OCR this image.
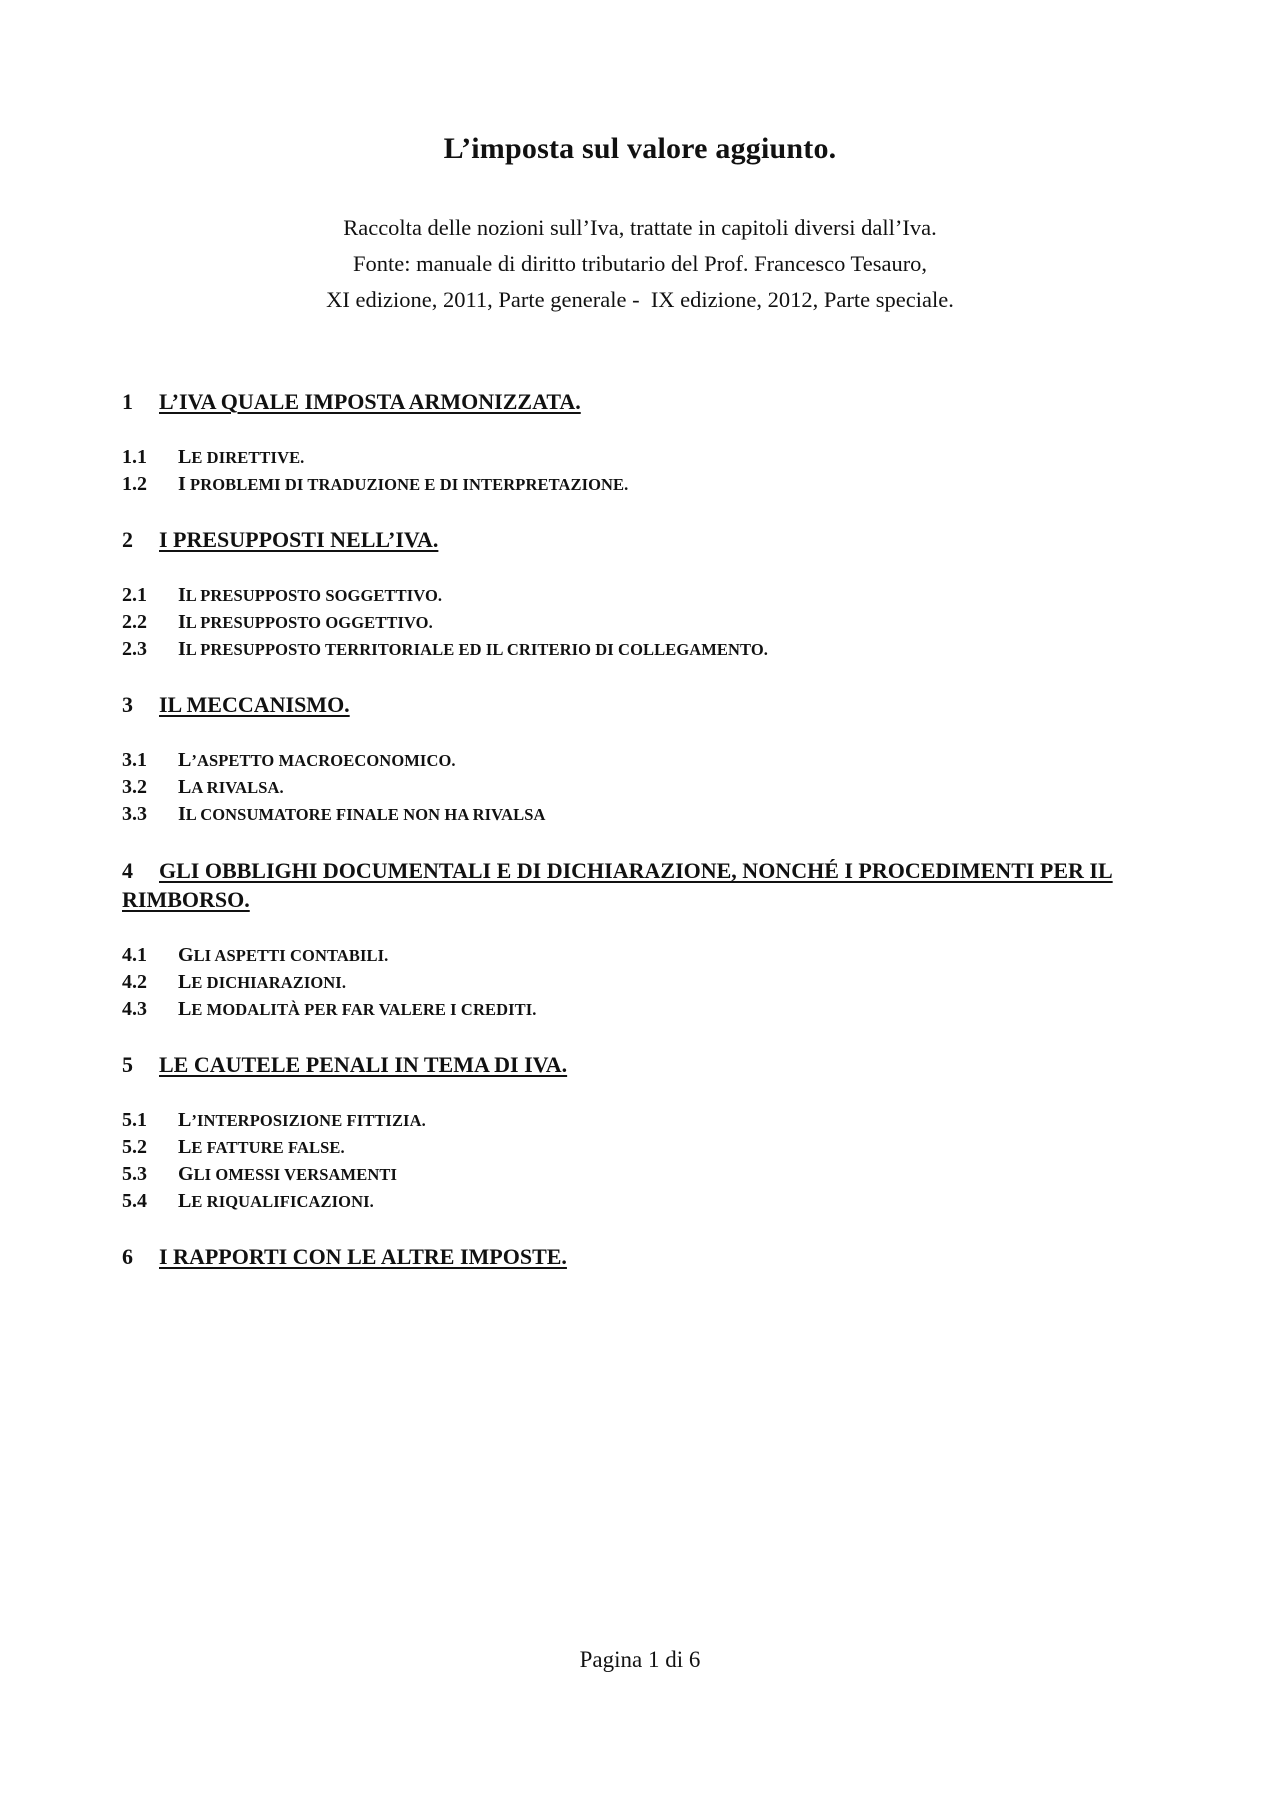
L’imposta sul valore aggiunto.
Raccolta delle nozioni sull’Iva, trattate in capitoli diversi dall’Iva.
Fonte: manuale di diritto tributario del Prof. Francesco Tesauro,
XI edizione, 2011, Parte generale -  IX edizione, 2012, Parte speciale.
1 L’IVA QUALE IMPOSTA ARMONIZZATA.
1.1 LE DIRETTIVE.
1.2 I PROBLEMI DI TRADUZIONE E DI INTERPRETAZIONE.
2 I PRESUPPOSTI NELL’IVA.
2.1 IL PRESUPPOSTO SOGGETTIVO.
2.2 IL PRESUPPOSTO OGGETTIVO.
2.3 IL PRESUPPOSTO TERRITORIALE ED IL CRITERIO DI COLLEGAMENTO.
3 IL MECCANISMO.
3.1 L’ASPETTO MACROECONOMICO.
3.2 LA RIVALSA.
3.3 IL CONSUMATORE FINALE NON HA RIVALSA
4 GLI OBBLIGHI DOCUMENTALI E DI DICHIARAZIONE, NONCHÉ I PROCEDIMENTI PER IL RIMBORSO.
4.1 GLI ASPETTI CONTABILI.
4.2 LE DICHIARAZIONI.
4.3 LE MODALITÀ PER FAR VALERE I CREDITI.
5 LE CAUTELE PENALI IN TEMA DI IVA.
5.1 L’INTERPOSIZIONE FITTIZIA.
5.2 LE FATTURE FALSE.
5.3 GLI OMESSI VERSAMENTI
5.4 LE RIQUALIFICAZIONI.
6 I RAPPORTI CON LE ALTRE IMPOSTE.
Pagina 1 di 6
